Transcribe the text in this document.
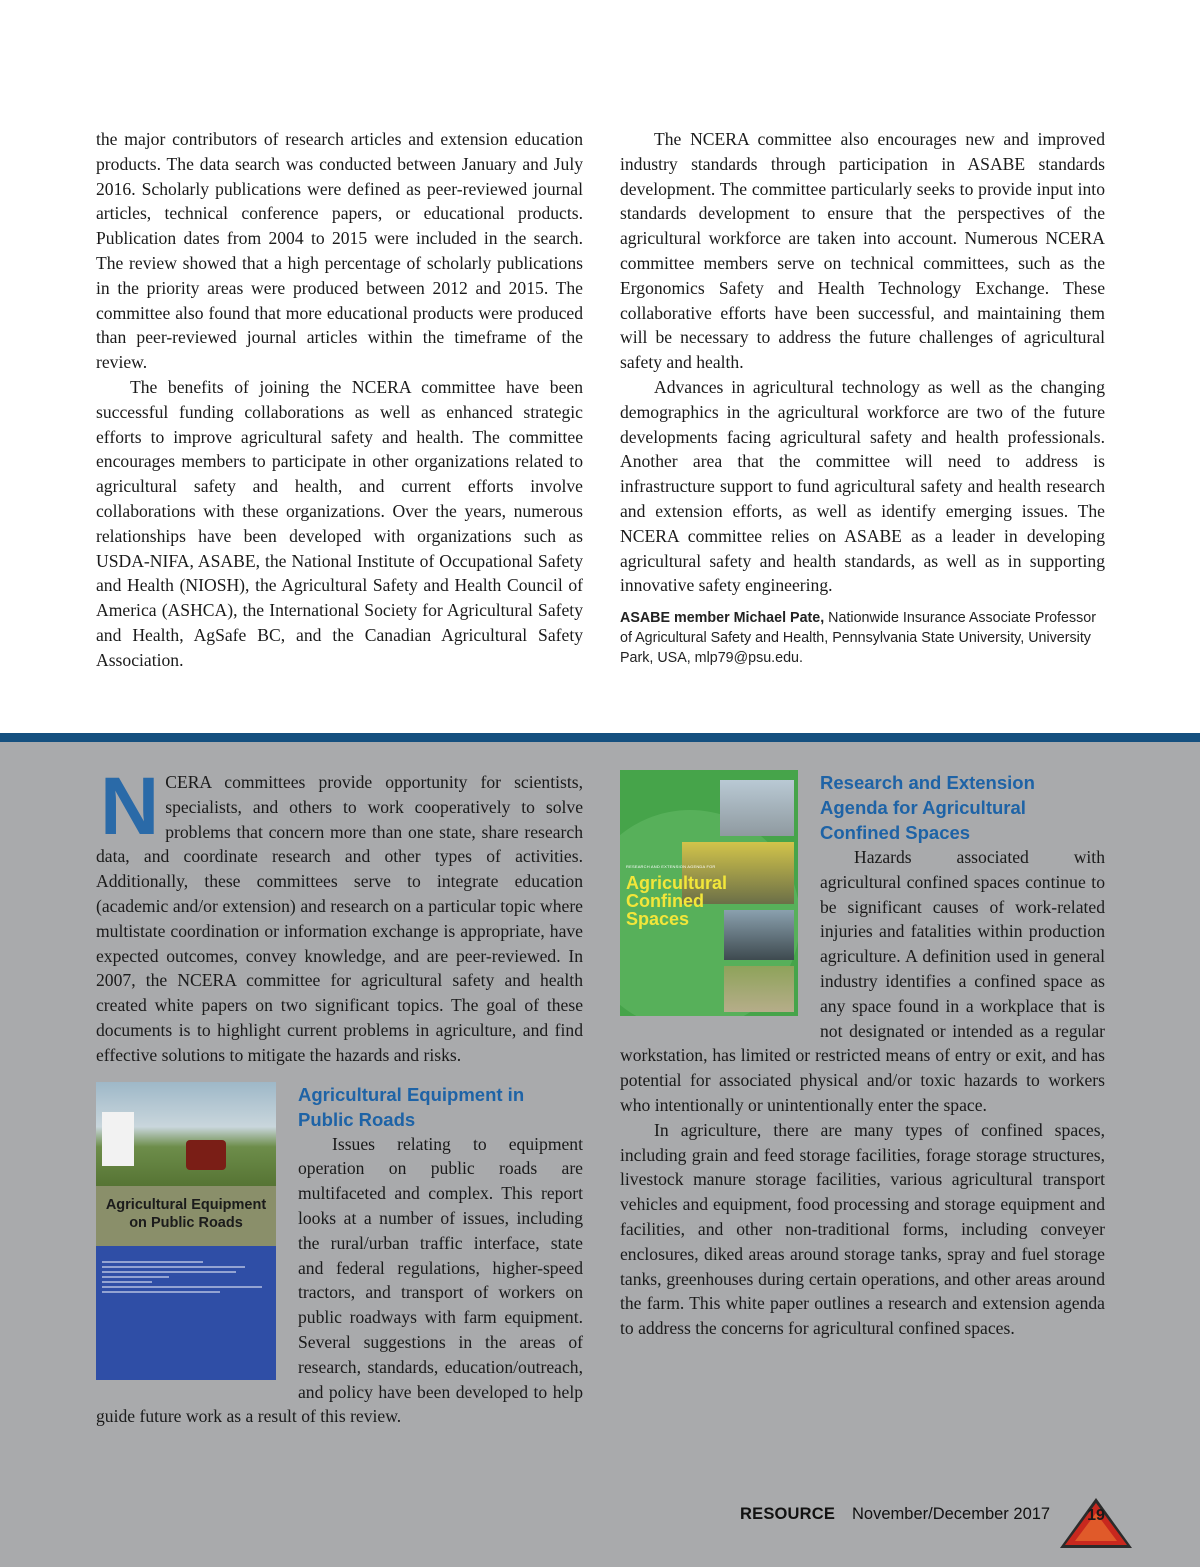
the major contributors of research articles and extension education products. The data search was conducted between January and July 2016. Scholarly publications were defined as peer-reviewed journal articles, technical conference papers, or educational products. Publication dates from 2004 to 2015 were included in the search. The review showed that a high percentage of scholarly publications in the priority areas were produced between 2012 and 2015. The committee also found that more educational products were produced than peer-reviewed journal articles within the timeframe of the review.

The benefits of joining the NCERA committee have been successful funding collaborations as well as enhanced strategic efforts to improve agricultural safety and health. The committee encourages members to participate in other organizations related to agricultural safety and health, and current efforts involve collaborations with these organizations. Over the years, numerous relationships have been developed with organizations such as USDA-NIFA, ASABE, the National Institute of Occupational Safety and Health (NIOSH), the Agricultural Safety and Health Council of America (ASHCA), the International Society for Agricultural Safety and Health, AgSafe BC, and the Canadian Agricultural Safety Association.

The NCERA committee also encourages new and improved industry standards through participation in ASABE standards development. The committee particularly seeks to provide input into standards development to ensure that the perspectives of the agricultural workforce are taken into account. Numerous NCERA committee members serve on technical committees, such as the Ergonomics Safety and Health Technology Exchange. These collaborative efforts have been successful, and maintaining them will be necessary to address the future challenges of agricultural safety and health.

Advances in agricultural technology as well as the changing demographics in the agricultural workforce are two of the future developments facing agricultural safety and health professionals. Another area that the committee will need to address is infrastructure support to fund agricultural safety and health research and extension efforts, as well as identify emerging issues. The NCERA committee relies on ASABE as a leader in developing agricultural safety and health standards, as well as in supporting innovative safety engineering.

ASABE member Michael Pate, Nationwide Insurance Associate Professor of Agricultural Safety and Health, Pennsylvania State University, University Park, USA, mlp79@psu.edu.

NCERA committees provide opportunity for scientists, specialists, and others to work cooperatively to solve problems that concern more than one state, share research data, and coordinate research and other types of activities. Additionally, these committees serve to integrate education (academic and/or extension) and research on a particular topic where multistate coordination or information exchange is appropriate, have expected outcomes, convey knowledge, and are peer-reviewed. In 2007, the NCERA committee for agricultural safety and health created white papers on two significant topics. The goal of these documents is to highlight current problems in agriculture, and find effective solutions to mitigate the hazards and risks.

Agricultural Equipment on Public Roads
Agricultural Equipment in Public Roads

Issues relating to equipment operation on public roads are multifaceted and complex. This report looks at a number of issues, including the rural/urban traffic interface, state and federal regulations, higher-speed tractors, and transport of workers on public roadways with farm equipment. Several suggestions in the areas of research, standards, education/outreach, and policy have been developed to help guide future work as a result of this review.

RESEARCH AND EXTENSION AGENDA FOR
Agricultural Confined Spaces
Research and Extension Agenda for Agricultural Confined Spaces

Hazards associated with agricultural confined spaces continue to be significant causes of work-related injuries and fatalities within production agriculture. A definition used in general industry identifies a confined space as any space found in a workplace that is not designated or intended as a regular workstation, has limited or restricted means of entry or exit, and has potential for associated physical and/or toxic hazards to workers who intentionally or unintentionally enter the space.

In agriculture, there are many types of confined spaces, including grain and feed storage facilities, forage storage structures, livestock manure storage facilities, various agricultural transport vehicles and equipment, food processing and storage equipment and facilities, and other non-traditional forms, including conveyer enclosures, diked areas around storage tanks, spray and fuel storage tanks, greenhouses during certain operations, and other areas around the farm. This white paper outlines a research and extension agenda to address the concerns for agricultural confined spaces.

RESOURCE November/December 2017	19
